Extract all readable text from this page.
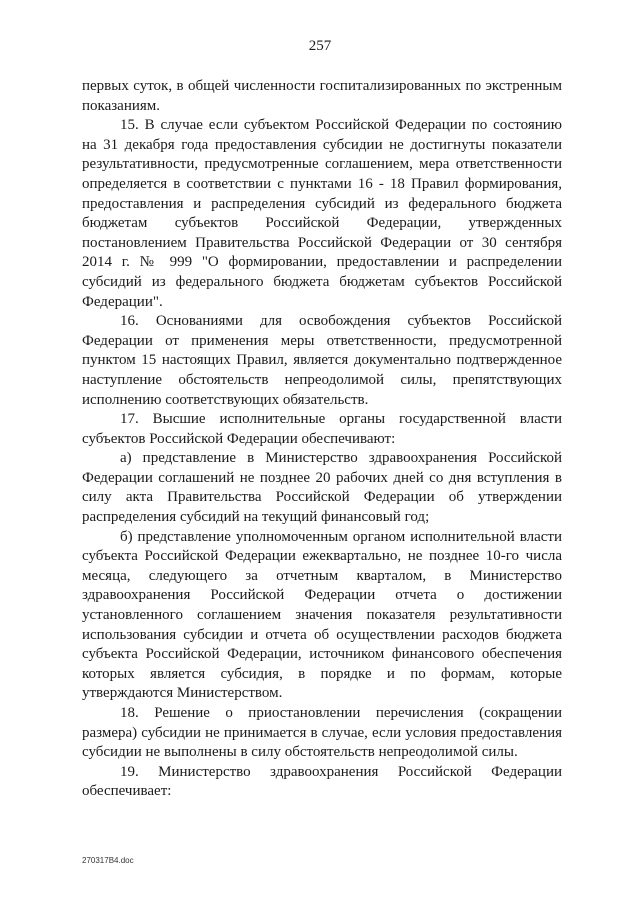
257

первых суток, в общей численности госпитализированных по экстренным показаниям.

15. В случае если субъектом Российской Федерации по состоянию на 31 декабря года предоставления субсидии не достигнуты показатели результативности, предусмотренные соглашением, мера ответственности определяется в соответствии с пунктами 16 - 18 Правил формирования, предоставления и распределения субсидий из федерального бюджета бюджетам субъектов Российской Федерации, утвержденных постановлением Правительства Российской Федерации от 30 сентября 2014 г. № 999 "О формировании, предоставлении и распределении субсидий из федерального бюджета бюджетам субъектов Российской Федерации".

16. Основаниями для освобождения субъектов Российской Федерации от применения меры ответственности, предусмотренной пунктом 15 настоящих Правил, является документально подтвержденное наступление обстоятельств непреодолимой силы, препятствующих исполнению соответствующих обязательств.

17. Высшие исполнительные органы государственной власти субъектов Российской Федерации обеспечивают:

а) представление в Министерство здравоохранения Российской Федерации соглашений не позднее 20 рабочих дней со дня вступления в силу акта Правительства Российской Федерации об утверждении распределения субсидий на текущий финансовый год;

б) представление уполномоченным органом исполнительной власти субъекта Российской Федерации ежеквартально, не позднее 10-го числа месяца, следующего за отчетным кварталом, в Министерство здравоохранения Российской Федерации отчета о достижении установленного соглашением значения показателя результативности использования субсидии и отчета об осуществлении расходов бюджета субъекта Российской Федерации, источником финансового обеспечения которых является субсидия, в порядке и по формам, которые утверждаются Министерством.

18. Решение о приостановлении перечисления (сокращении размера) субсидии не принимается в случае, если условия предоставления субсидии не выполнены в силу обстоятельств непреодолимой силы.

19. Министерство здравоохранения Российской Федерации обеспечивает:

270317B4.doc
